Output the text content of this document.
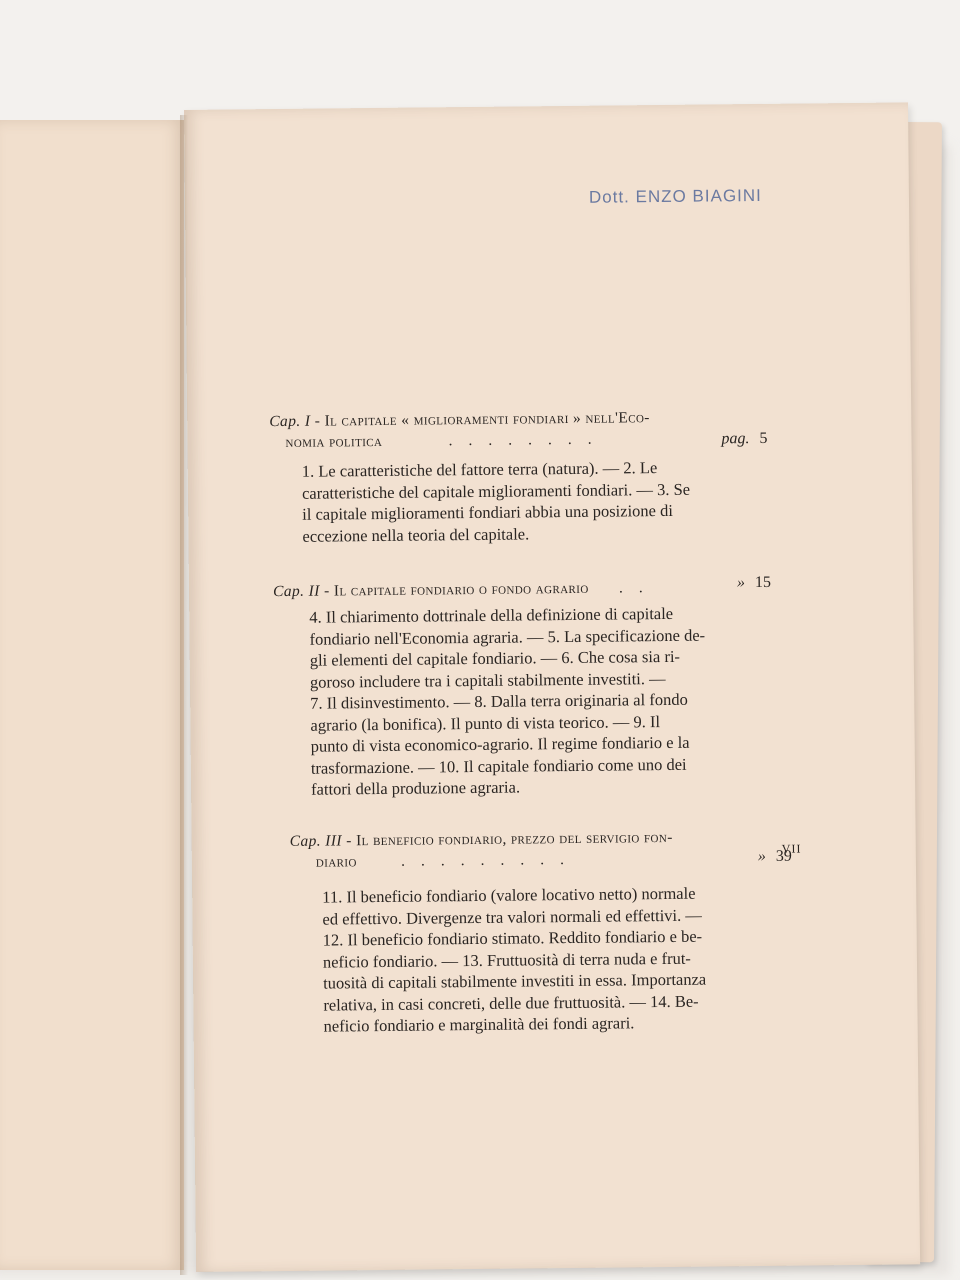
Dott. ENZO BIAGINI
Cap. I - Il capitale « miglioramenti fondiari » nell'Eco-
nomia politica	........	pag. 5
1. Le caratteristiche del fattore terra (natura). — 2. Le
caratteristiche del capitale miglioramenti fondiari. — 3. Se
il capitale miglioramenti fondiari abbia una posizione di
eccezione nella teoria del capitale.
Cap. II - Il capitale fondiario o fondo agrario ..	» 15
4. Il chiarimento dottrinale della definizione di capitale
fondiario nell'Economia agraria. — 5. La specificazione de-
gli elementi del capitale fondiario. — 6. Che cosa sia ri-
goroso includere tra i capitali stabilmente investiti. —
7. Il disinvestimento. — 8. Dalla terra originaria al fondo
agrario (la bonifica). Il punto di vista teorico. — 9. Il
punto di vista economico-agrario. Il regime fondiario e la
trasformazione. — 10. Il capitale fondiario come uno dei
fattori della produzione agraria.
Cap. III - Il beneficio fondiario, prezzo del servigio fon-
diario	.........	» 39
11. Il beneficio fondiario (valore locativo netto) normale
ed effettivo. Divergenze tra valori normali ed effettivi. —
12. Il beneficio fondiario stimato. Reddito fondiario e be-
neficio fondiario. — 13. Fruttuosità di terra nuda e frut-
tuosità di capitali stabilmente investiti in essa. Importanza
relativa, in casi concreti, delle due fruttuosità. — 14. Be-
neficio fondiario e marginalità dei fondi agrari.
VII
